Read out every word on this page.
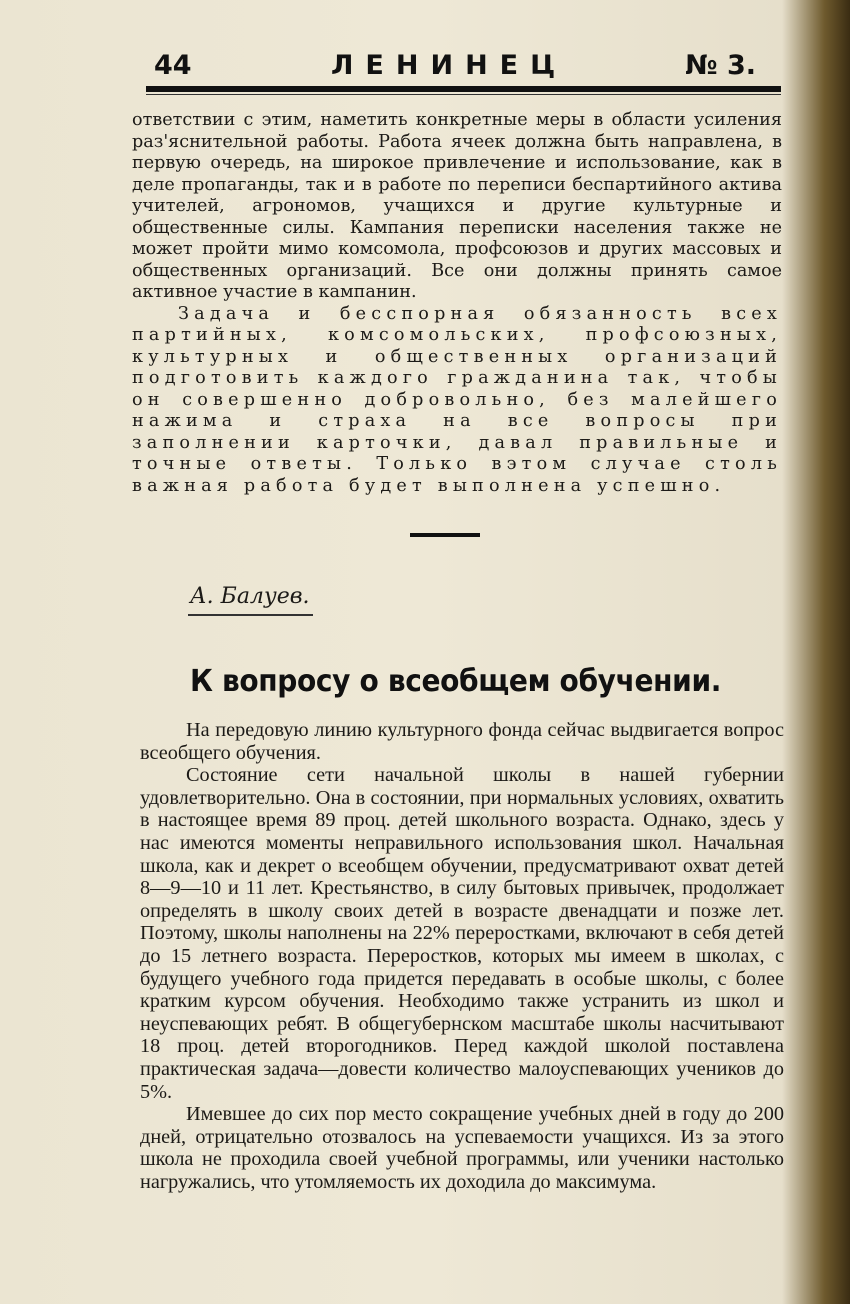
44	ЛЕНИНЕЦ	№ 3.

ответствии с этим, наметить конкретные меры в области усиления раз'яснительной работы. Работа ячеек должна быть направлена, в первую очередь, на широкое привлечение и использование, как в деле пропаганды, так и в работе по переписи беспартийного актива учителей, агрономов, учащихся и другие культурные и общественные силы. Кампания переписки населения также не может пройти мимо комсомола, профсоюзов и других массовых и общественных организаций. Все они должны принять самое активное участие в кампанин.

Задача и бесспорная обязанность всех партийных, комсомольских, профсоюзных, культурных и общественных организаций подготовить каждого гражданина так, чтобы он совершенно добровольно, без малейшего нажима и страха на все вопросы при заполнении карточки, давал правильные и точные ответы. Только вэтом случае столь важная работа будет выполнена успешно.

А. Балуев.
К вопросу о всеобщем обучении.

На передовую линию культурного фонда сейчас выдвигается вопрос всеобщего обучения.

Состояние сети начальной школы в нашей губернии удовлетворительно. Она в состоянии, при нормальных условиях, охватить в настоящее время 89 проц. детей школьного возраста. Однако, здесь у нас имеются моменты неправильного использования школ. Начальная школа, как и декрет о всеобщем обучении, предусматривают охват детей 8—9—10 и 11 лет. Крестьянство, в силу бытовых привычек, продолжает определять в школу своих детей в возрасте двенадцати и позже лет. Поэтому, школы наполнены на 22% переростками, включают в себя детей до 15 летнего возраста. Переростков, которых мы имеем в школах, с будущего учебного года придется передавать в особые школы, с более кратким курсом обучения. Необходимо также устранить из школ и неуспевающих ребят. В общегубернском масштабе школы насчитывают 18 проц. детей второгодников. Перед каждой школой поставлена практическая задача—довести количество малоуспевающих учеников до 5%.

Имевшее до сих пор место сокращение учебных дней в году до 200 дней, отрицательно отозвалось на успеваемости учащихся. Из за этого школа не проходила своей учебной программы, или ученики настолько нагружались, что утомляемость их доходила до максимума.
